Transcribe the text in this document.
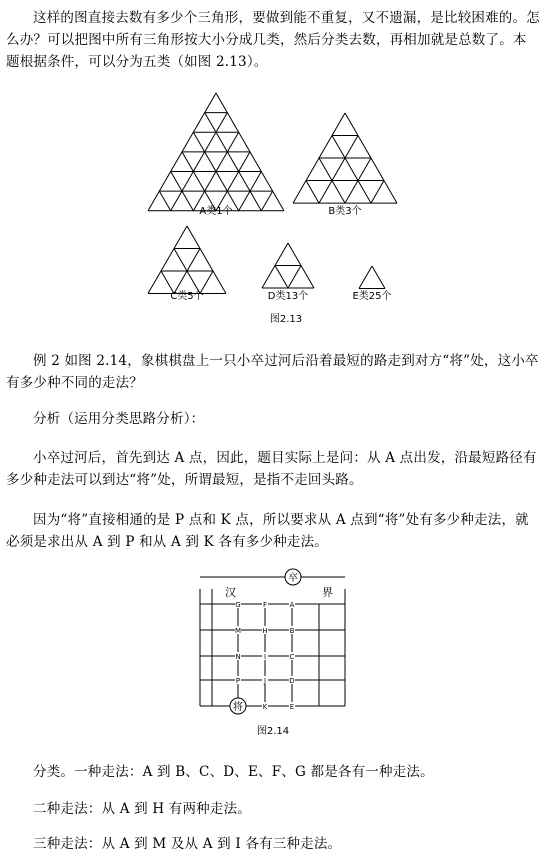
这样的图直接去数有多少个三角形，要做到能不重复，又不遗漏，是比较困难的。怎么办？可以把图中所有三角形按大小分成几类，然后分类去数，再相加就是总数了。本题根据条件，可以分为五类（如图 2.13）。

A类1个	B类3个
C类5个	D类13个	E类25个
图2.13

例 2 如图 2.14，象棋棋盘上一只小卒过河后沿着最短的路走到对方“将”处，这小卒有多少种不同的走法？

分析（运用分类思路分析）：

小卒过河后，首先到达 A 点，因此，题目实际上是问：从 A 点出发，沿最短路径有多少种走法可以到达“将”处，所谓最短，是指不走回头路。

因为“将”直接相通的是 P 点和 K 点，所以要求从 A 点到“将”处有多少种走法，就必须是求出从 A 到 P 和从 A 到 K 各有多少种走法。

汉	界
卒
将
A
B
C
D
E
F
G
H
I
J
K
M
N
P
图2.14

分类。一种走法：A 到 B、C、D、E、F、G 都是各有一种走法。

二种走法：从 A 到 H 有两种走法。

三种走法：从 A 到 M 及从 A 到 I 各有三种走法。
